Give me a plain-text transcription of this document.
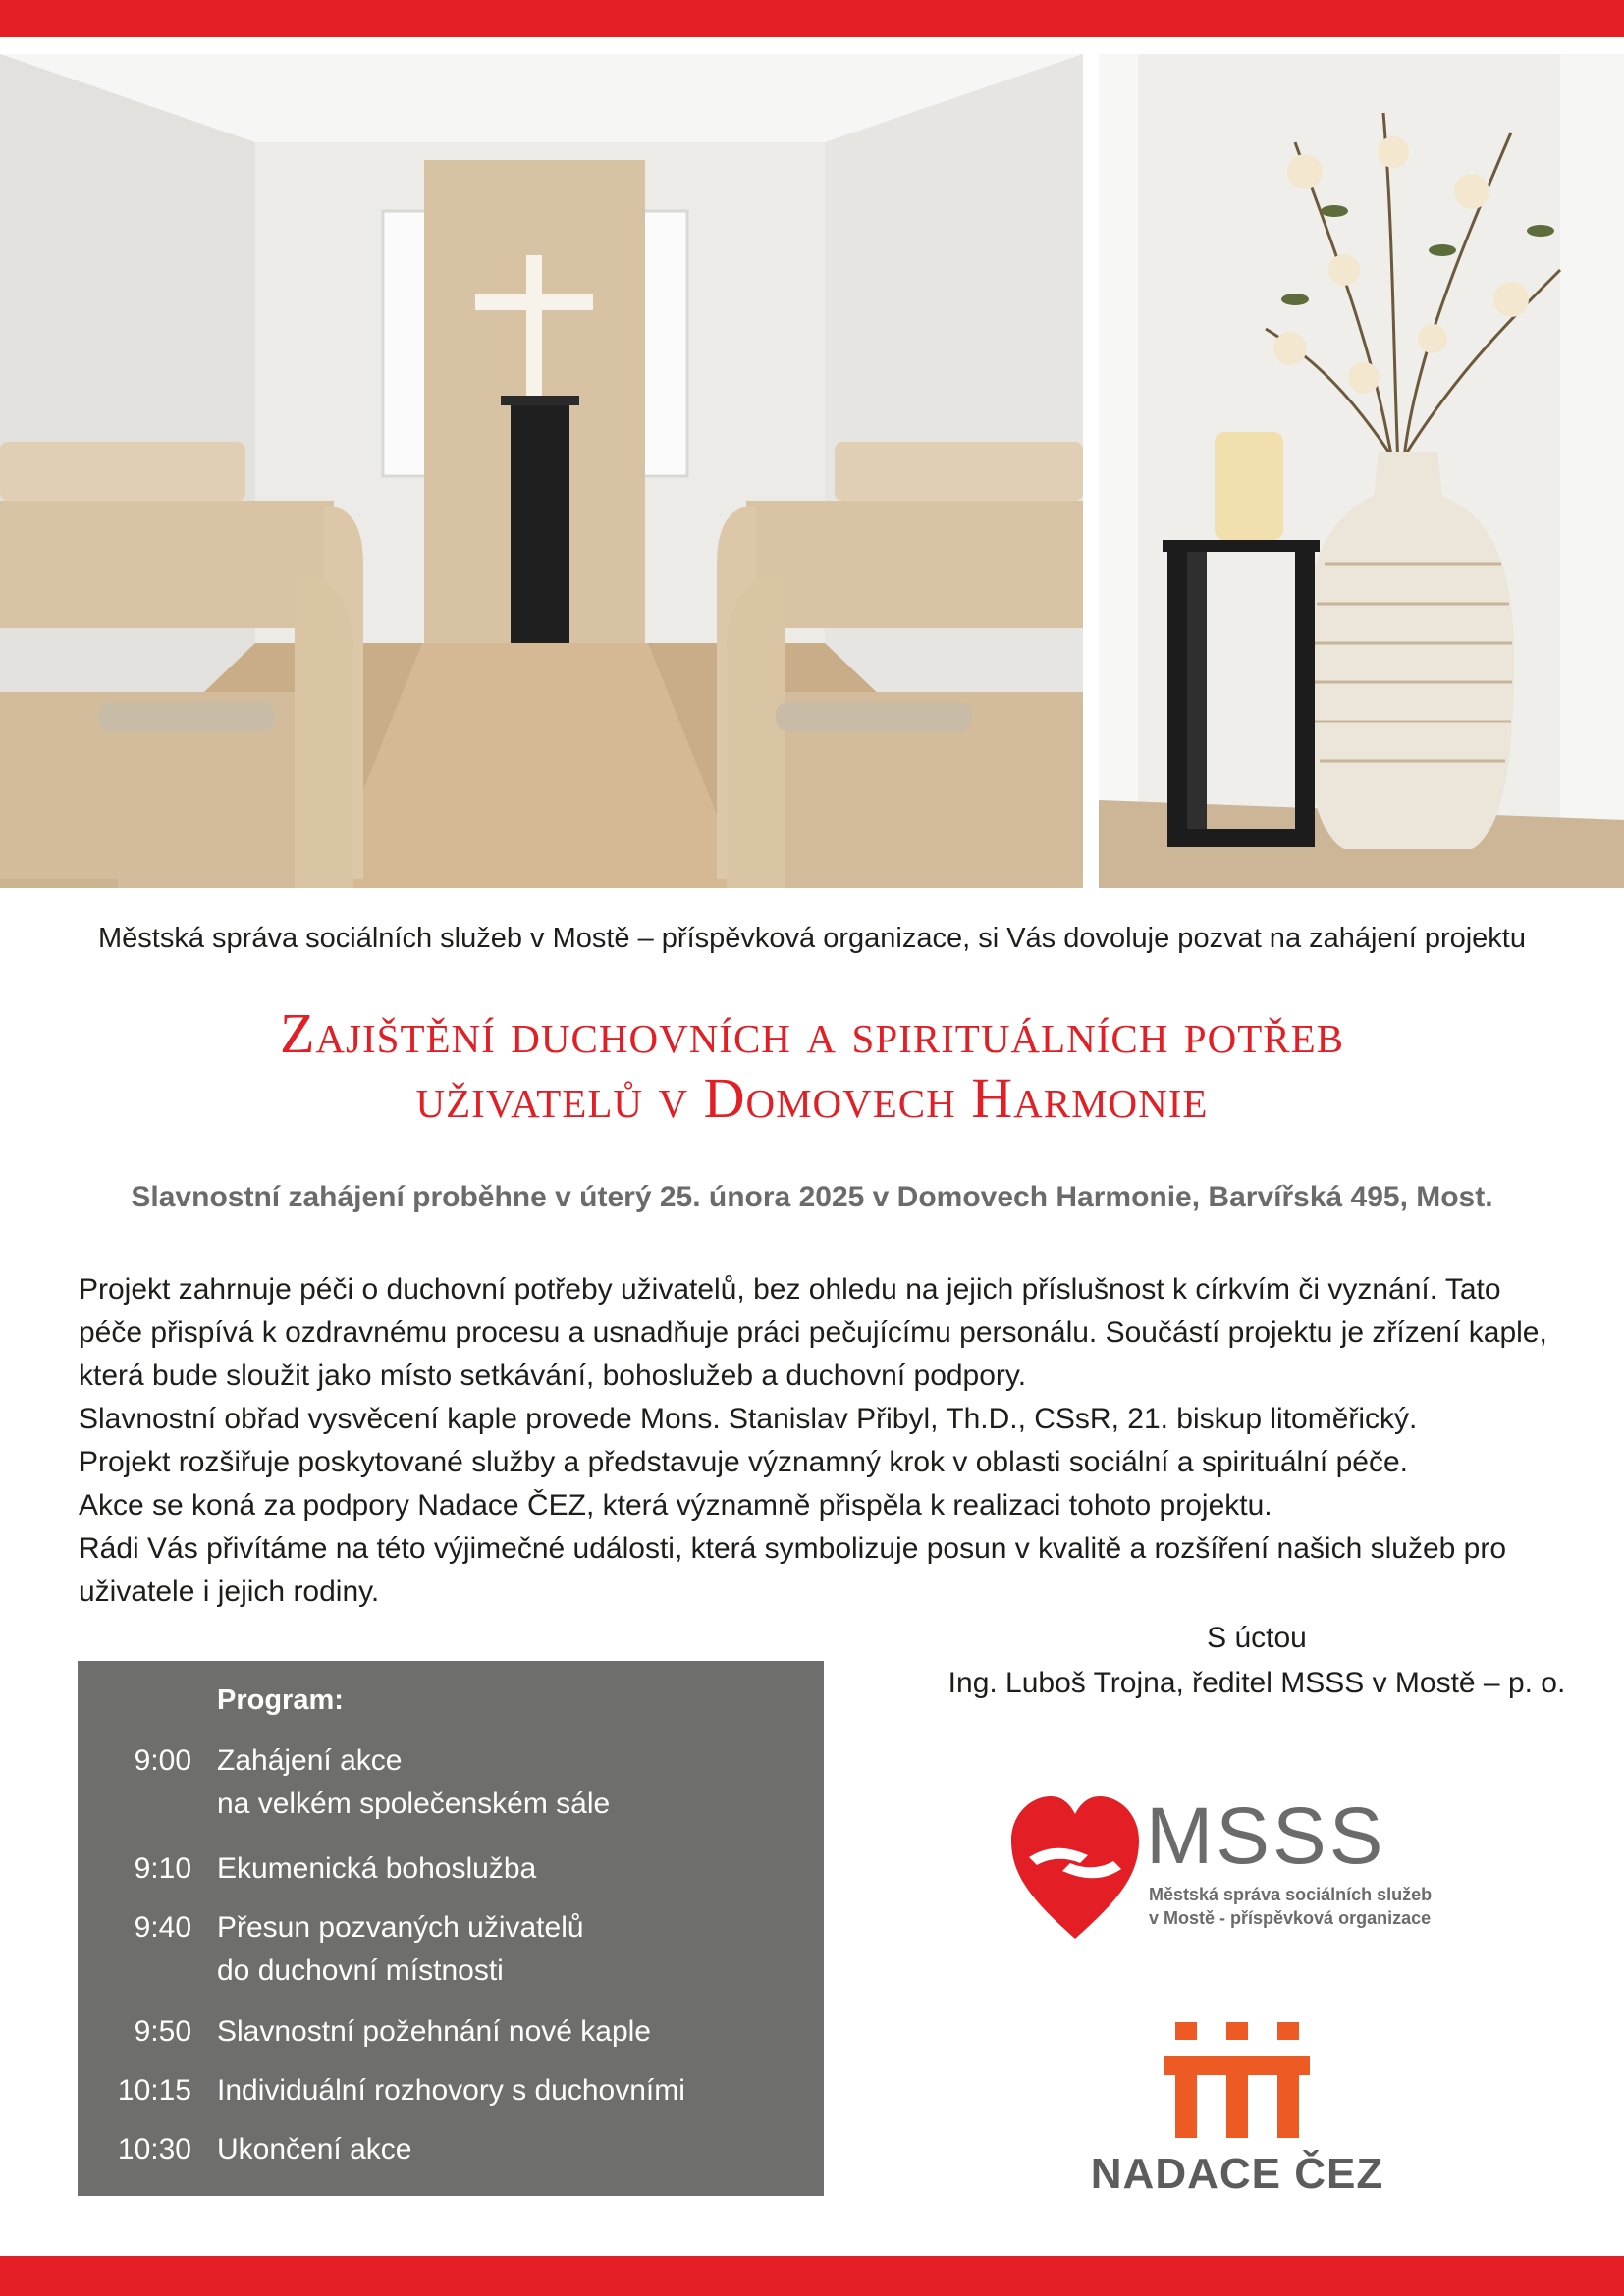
Městská správa sociálních služeb v Mostě – příspěvková organizace, si Vás dovoluje pozvat na zahájení projektu
Zajištění duchovních a spirituálních potřeb
uživatelů v Domovech Harmonie
Slavnostní zahájení proběhne v úterý 25. února 2025 v Domovech Harmonie, Barvířská 495, Most.

Projekt zahrnuje péči o duchovní potřeby uživatelů, bez ohledu na jejich příslušnost k církvím či vyznání. Tato péče přispívá k ozdravnému procesu a usnadňuje práci pečujícímu personálu. Součástí projektu je zřízení kaple, která bude sloužit jako místo setkávání, bohoslužeb a duchovní podpory.

Slavnostní obřad vysvěcení kaple provede Mons. Stanislav Přibyl, Th.D., CSsR, 21. biskup litoměřický.

Projekt rozšiřuje poskytované služby a představuje významný krok v oblasti sociální a spirituální péče.

Akce se koná za podpory Nadace ČEZ, která významně přispěla k realizaci tohoto projektu.

Rádi Vás přivítáme na této výjimečné události, která symbolizuje posun v kvalitě a rozšíření našich služeb pro uživatele i jejich rodiny.

S úctou
Ing. Luboš Trojna, ředitel MSSS v Mostě – p. o.
Program:
9:00 Zahájení akce
na velkém společenském sále
9:10 Ekumenická bohoslužba
9:40 Přesun pozvaných uživatelů
do duchovní místnosti
9:50 Slavnostní požehnání nové kaple
10:15 Individuální rozhovory s duchovními
10:30 Ukončení akce
MSSS
Městská správa sociálních služeb
v Mostě - příspěvková organizace
NADACE ČEZ
